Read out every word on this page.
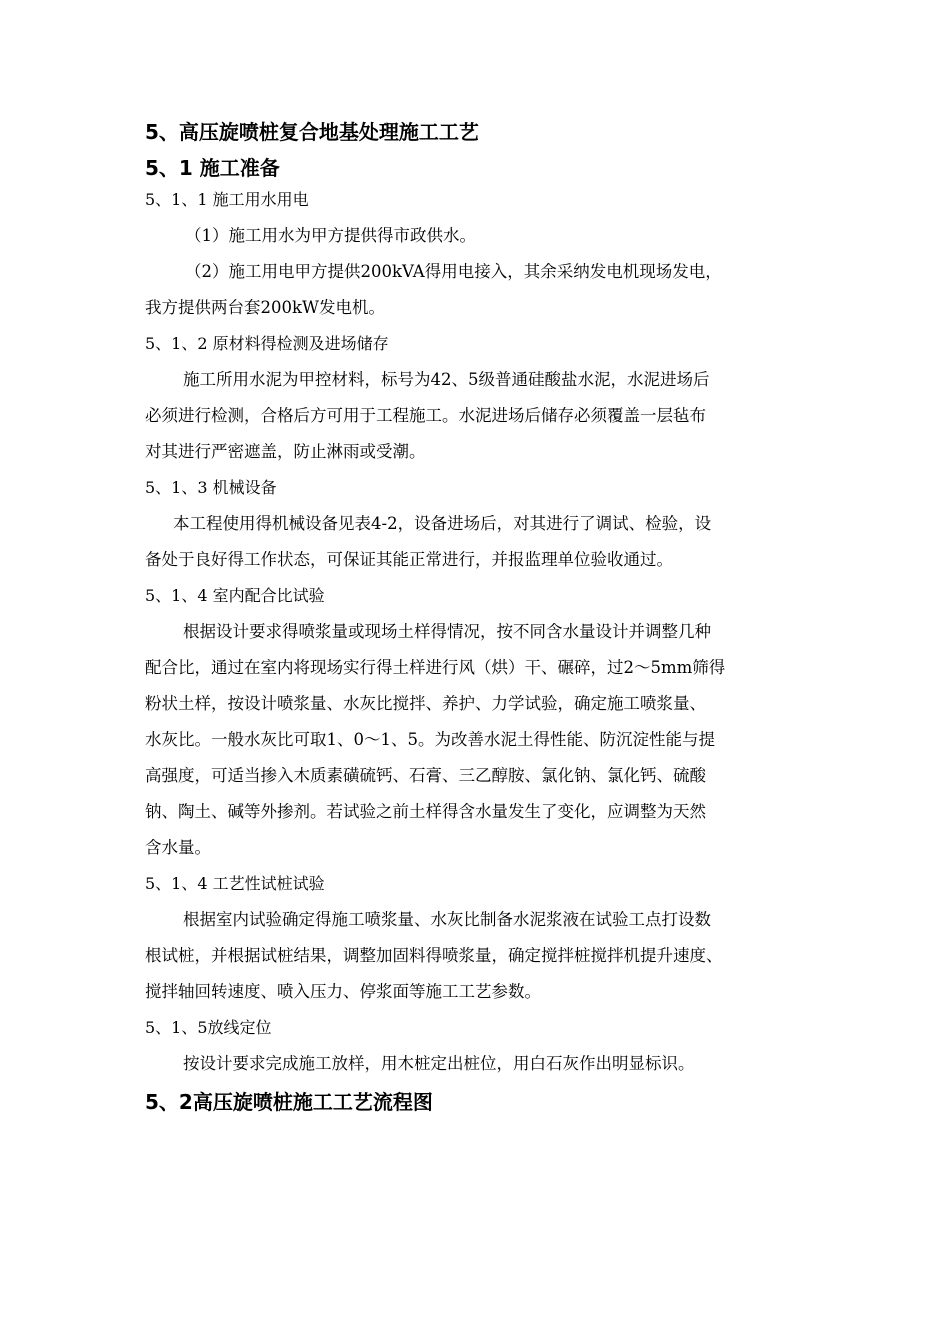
5、高压旋喷桩复合地基处理施工工艺
5、1 施工准备
5、1、1 施工用水用电
（1）施工用水为甲方提供得市政供水。
（2）施工用电甲方提供200kVA得用电接入，其余采纳发电机现场发电，
我方提供两台套200kW发电机。
5、1、2 原材料得检测及进场储存
施工所用水泥为甲控材料，标号为42、5级普通硅酸盐水泥，水泥进场后
必须进行检测，合格后方可用于工程施工。水泥进场后储存必须覆盖一层毡布
对其进行严密遮盖，防止淋雨或受潮。
5、1、3 机械设备
本工程使用得机械设备见表4-2，设备进场后，对其进行了调试、检验，设
备处于良好得工作状态，可保证其能正常进行，并报监理单位验收通过。
5、1、4 室内配合比试验
根据设计要求得喷浆量或现场土样得情况，按不同含水量设计并调整几种
配合比，通过在室内将现场实行得土样进行风（烘）干、碾碎，过2～5mm筛得
粉状土样，按设计喷浆量、水灰比搅拌、养护、力学试验，确定施工喷浆量、
水灰比。一般水灰比可取1、0～1、5。为改善水泥土得性能、防沉淀性能与提
高强度，可适当掺入木质素磺硫钙、石膏、三乙醇胺、氯化钠、氯化钙、硫酸
钠、陶土、碱等外掺剂。若试验之前土样得含水量发生了变化，应调整为天然
含水量。
5、1、4 工艺性试桩试验
根据室内试验确定得施工喷浆量、水灰比制备水泥浆液在试验工点打设数
根试桩，并根据试桩结果，调整加固料得喷浆量，确定搅拌桩搅拌机提升速度、
搅拌轴回转速度、喷入压力、停浆面等施工工艺参数。
5、1、5放线定位
按设计要求完成施工放样，用木桩定出桩位，用白石灰作出明显标识。
5、2高压旋喷桩施工工艺流程图
